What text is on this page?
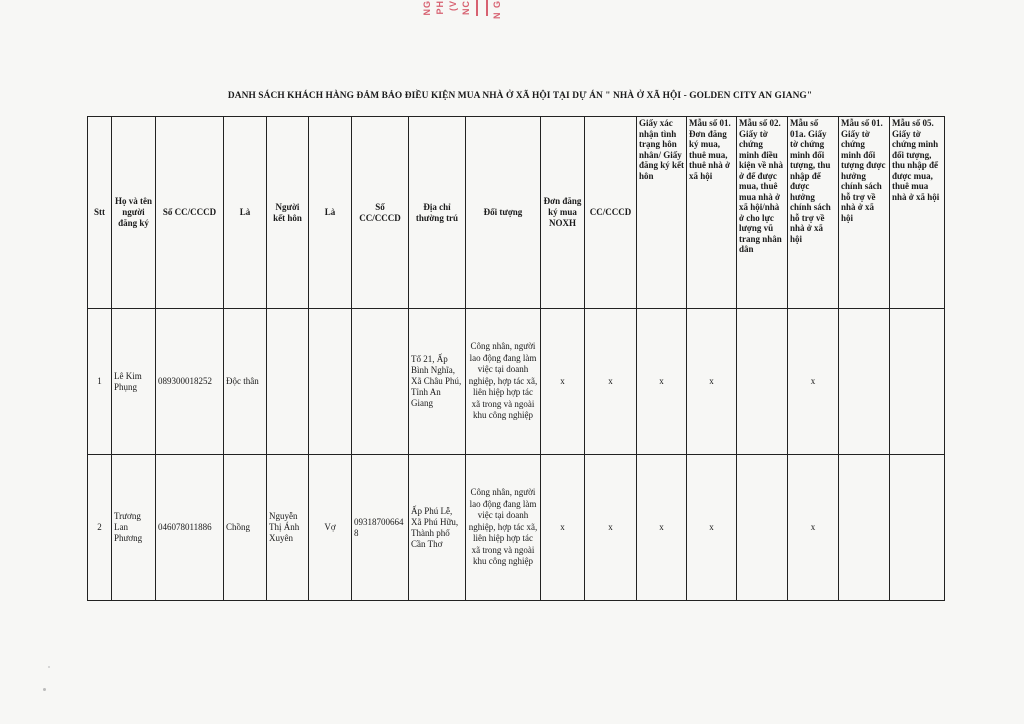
NG PH (V NC N G
DANH SÁCH KHÁCH HÀNG ĐẢM BẢO ĐIỀU KIỆN MUA NHÀ Ở XÃ HỘI TẠI DỰ ÁN " NHÀ Ở XÃ HỘI - GOLDEN CITY AN GIANG"
Stt	Họ và tên người đăng ký	Số CC/CCCD	Là	Người kết hôn	Là	Số CC/CCCD	Địa chỉ thường trú	Đối tượng	Đơn đăng ký mua NOXH	CC/CCCD	Giấy xác nhận tình trạng hôn nhân/ Giấy đăng ký kết hôn	Mẫu số 01. Đơn đăng ký mua, thuê mua, thuê nhà ở xã hội	Mẫu số 02. Giấy tờ chứng minh điều kiện về nhà ở để được mua, thuê mua nhà ở xã hội/nhà ở cho lực lượng vũ trang nhân dân	Mẫu số 01a. Giấy tờ chứng minh đối tượng, thu nhập để được hưởng chính sách hỗ trợ về nhà ở xã hội	Mẫu số 01. Giấy tờ chứng minh đối tượng được hưởng chính sách hỗ trợ về nhà ở xã hội	Mẫu số 05. Giấy tờ chứng minh đối tượng, thu nhập để được mua, thuê mua nhà ở xã hội
1	Lê Kim Phụng	089300018252	Độc thân				Tổ 21, Ấp Bình Nghĩa, Xã Châu Phú, Tỉnh An Giang	Công nhân, người lao động đang làm việc tại doanh nghiệp, hợp tác xã, liên hiệp hợp tác xã trong và ngoài khu công nghiệp	x	x	x	x		x		
2	Trương Lan Phương	046078011886	Chồng	Nguyễn Thị Ánh Xuyên	Vợ	093187006648	Ấp Phú Lễ, Xã Phú Hữu, Thành phố Cần Thơ	Công nhân, người lao động đang làm việc tại doanh nghiệp, hợp tác xã, liên hiệp hợp tác xã trong và ngoài khu công nghiệp	x	x	x	x		x		
